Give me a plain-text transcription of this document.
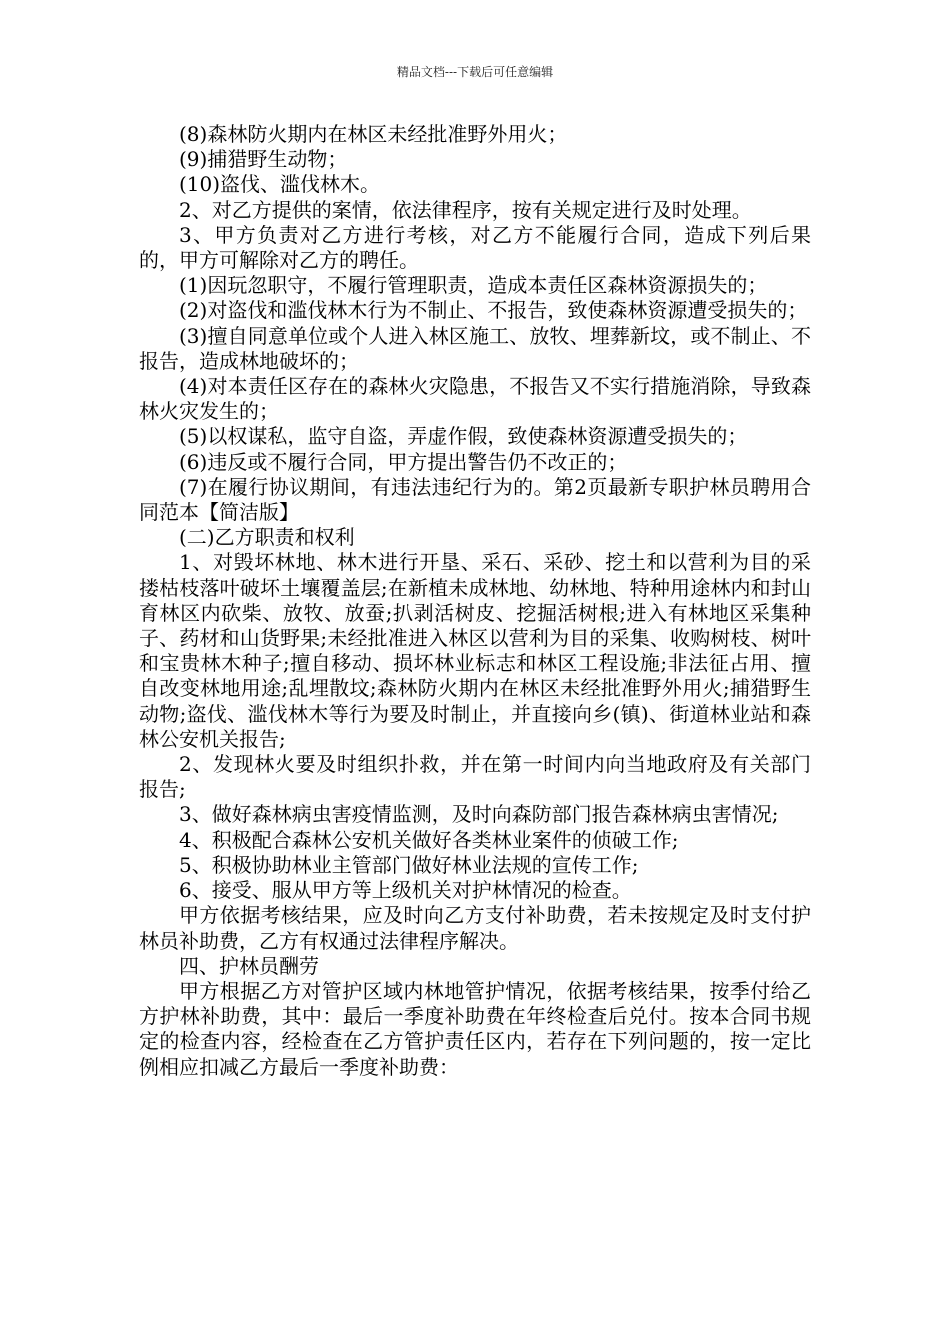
精品文档---下载后可任意编辑

(8)森林防火期内在林区未经批准野外用火；

(9)捕猎野生动物；

(10)盗伐、滥伐林木。

2、对乙方提供的案情，依法律程序，按有关规定进行及时处理。

3、甲方负责对乙方进行考核，对乙方不能履行合同，造成下列后果的，甲方可解除对乙方的聘任。

(1)因玩忽职守，不履行管理职责，造成本责任区森林资源损失的；

(2)对盗伐和滥伐林木行为不制止、不报告，致使森林资源遭受损失的；

(3)擅自同意单位或个人进入林区施工、放牧、埋葬新坟，或不制止、不报告，造成林地破坏的；

(4)对本责任区存在的森林火灾隐患，不报告又不实行措施消除，导致森林火灾发生的；

(5)以权谋私，监守自盗，弄虚作假，致使森林资源遭受损失的；

(6)违反或不履行合同，甲方提出警告仍不改正的；

(7)在履行协议期间，有违法违纪行为的。第2页最新专职护林员聘用合同范本【简洁版】

(二)乙方职责和权利

1、对毁坏林地、林木进行开垦、采石、采砂、挖土和以营利为目的采搂枯枝落叶破坏土壤覆盖层;在新植未成林地、幼林地、特种用途林内和封山育林区内砍柴、放牧、放蚕;扒剥活树皮、挖掘活树根;进入有林地区采集种子、药材和山货野果;未经批准进入林区以营利为目的采集、收购树枝、树叶和宝贵林木种子;擅自移动、损坏林业标志和林区工程设施;非法征占用、擅自改变林地用途;乱埋散坟;森林防火期内在林区未经批准野外用火;捕猎野生动物;盗伐、滥伐林木等行为要及时制止，并直接向乡(镇)、街道林业站和森林公安机关报告;

2、发现林火要及时组织扑救，并在第一时间内向当地政府及有关部门报告;

3、做好森林病虫害疫情监测，及时向森防部门报告森林病虫害情况;

4、积极配合森林公安机关做好各类林业案件的侦破工作;

5、积极协助林业主管部门做好林业法规的宣传工作;

6、接受、服从甲方等上级机关对护林情况的检查。

甲方依据考核结果，应及时向乙方支付补助费，若未按规定及时支付护林员补助费，乙方有权通过法律程序解决。

四、护林员酬劳

甲方根据乙方对管护区域内林地管护情况，依据考核结果，按季付给乙方护林补助费，其中：最后一季度补助费在年终检查后兑付。按本合同书规定的检查内容，经检查在乙方管护责任区内，若存在下列问题的，按一定比例相应扣减乙方最后一季度补助费：
